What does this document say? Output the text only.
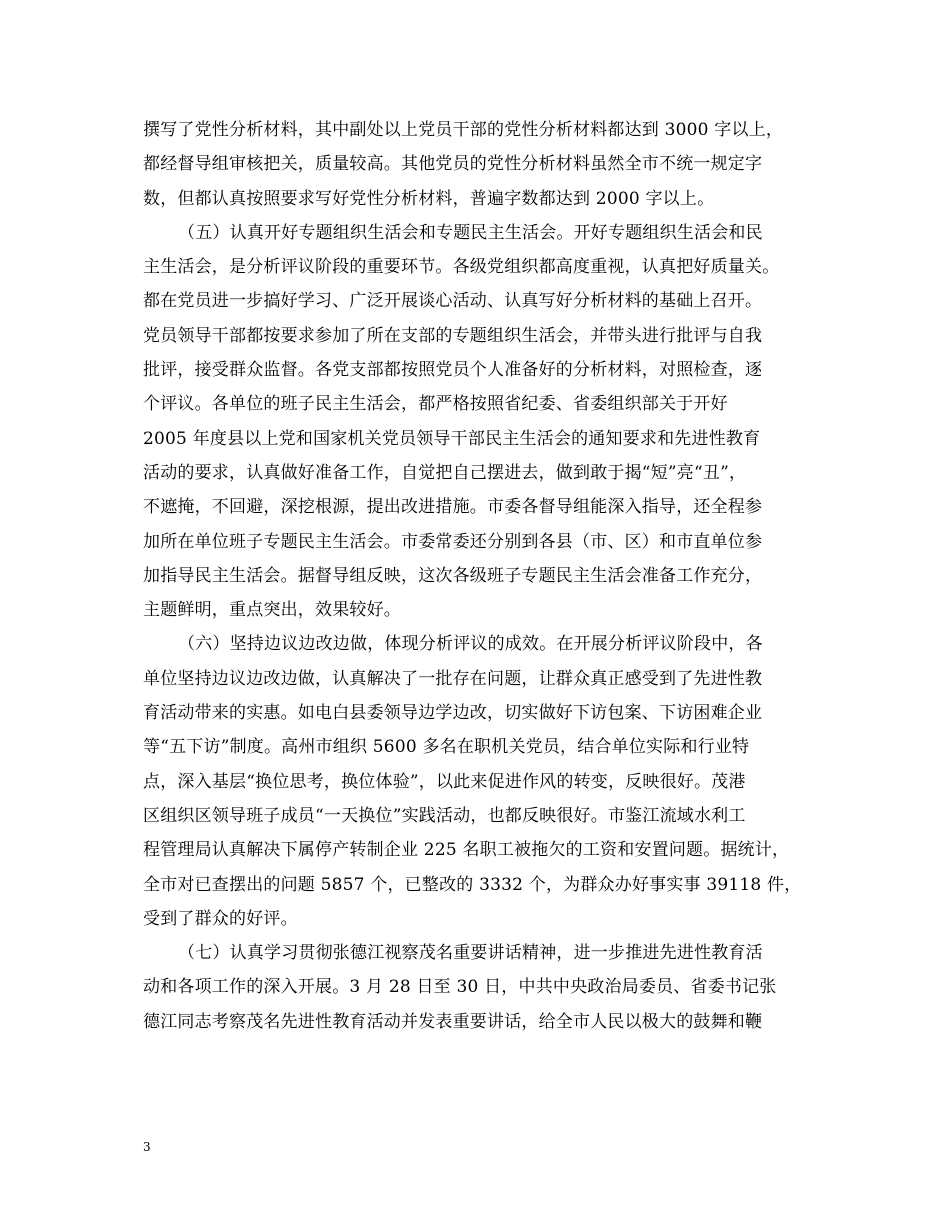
撰写了党性分析材料，其中副处以上党员干部的党性分析材料都达到 3000 字以上，
都经督导组审核把关，质量较高。其他党员的党性分析材料虽然全市不统一规定字
数，但都认真按照要求写好党性分析材料，普遍字数都达到 2000 字以上。
（五）认真开好专题组织生活会和专题民主生活会。开好专题组织生活会和民
主生活会，是分析评议阶段的重要环节。各级党组织都高度重视，认真把好质量关。
都在党员进一步搞好学习、广泛开展谈心活动、认真写好分析材料的基础上召开。
党员领导干部都按要求参加了所在支部的专题组织生活会，并带头进行批评与自我
批评，接受群众监督。各党支部都按照党员个人准备好的分析材料，对照检查，逐
个评议。各单位的班子民主生活会，都严格按照省纪委、省委组织部关于开好
2005 年度县以上党和国家机关党员领导干部民主生活会的通知要求和先进性教育
活动的要求，认真做好准备工作，自觉把自己摆进去，做到敢于揭“短”亮“丑”，
不遮掩，不回避，深挖根源，提出改进措施。市委各督导组能深入指导，还全程参
加所在单位班子专题民主生活会。市委常委还分别到各县（市、区）和市直单位参
加指导民主生活会。据督导组反映，这次各级班子专题民主生活会准备工作充分，
主题鲜明，重点突出，效果较好。
（六）坚持边议边改边做，体现分析评议的成效。在开展分析评议阶段中，各
单位坚持边议边改边做，认真解决了一批存在问题，让群众真正感受到了先进性教
育活动带来的实惠。如电白县委领导边学边改，切实做好下访包案、下访困难企业
等“五下访”制度。高州市组织 5600 多名在职机关党员，结合单位实际和行业特
点，深入基层“换位思考，换位体验”，以此来促进作风的转变，反映很好。茂港
区组织区领导班子成员“一天换位”实践活动，也都反映很好。市鉴江流域水利工
程管理局认真解决下属停产转制企业 225 名职工被拖欠的工资和安置问题。据统计，
全市对已查摆出的问题 5857 个，已整改的 3332 个，为群众办好事实事 39118 件，
受到了群众的好评。
（七）认真学习贯彻张德江视察茂名重要讲话精神，进一步推进先进性教育活
动和各项工作的深入开展。3 月 28 日至 30 日，中共中央政治局委员、省委书记张
德江同志考察茂名先进性教育活动并发表重要讲话，给全市人民以极大的鼓舞和鞭
3
